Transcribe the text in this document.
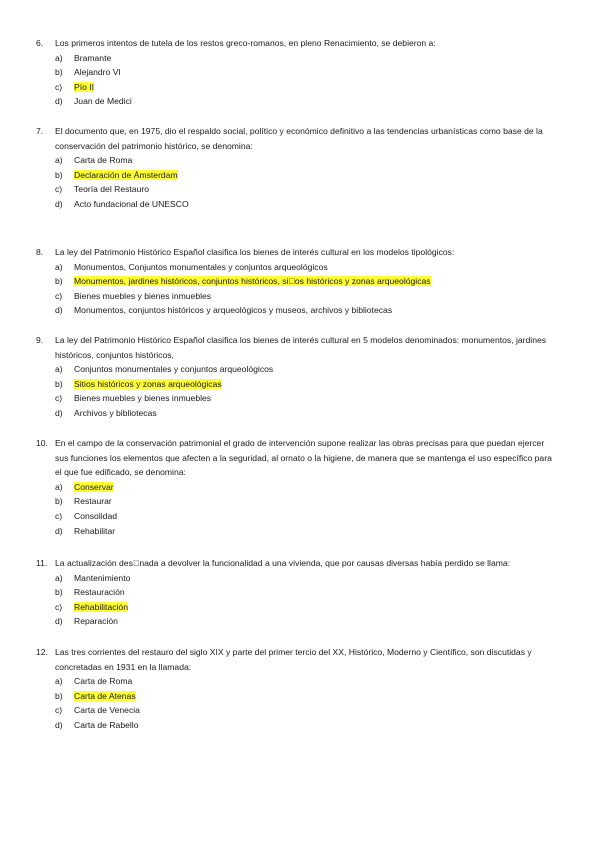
6.	Los primeros intentos de tutela de los restos greco-romanos, en pleno Renacimiento, se debieron a:
a)	Bramante
b)	Alejandro VI
c)	Pío II
d)	Juan de Medici
7.	El documento que, en 1975, dio el respaldo social, político y económico definitivo a las tendencias urbanísticas como base de la conservación del patrimonio histórico, se denomina:
a)	Carta de Roma
b)	Declaración de Ámsterdam
c)	Teoría del Restauro
d)	Acto fundacional de UNESCO
8.	La ley del Patrimonio Histórico Español clasifica los bienes de interés cultural en los modelos tipológicos:
a)	Monumentos, Conjuntos monumentales y conjuntos arqueológicos
b)	Monumentos, jardines históricos, conjuntos históricos, si os históricos y zonas arqueológicas
c)	Bienes muebles y bienes inmuebles
d)	Monumentos, conjuntos históricos y arqueológicos y museos, archivos y bibliotecas
9.	La ley del Patrimonio Histórico Español clasifica los bienes de interés cultural en 5 modelos denominados: monumentos, jardines históricos, conjuntos históricos,
a)	Conjuntos monumentales y conjuntos arqueológicos
b)	Sitios históricos y zonas arqueológicas
c)	Bienes muebles y bienes inmuebles
d)	Archivos y bibliotecas
10. En el campo de la conservación patrimonial el grado de intervención supone realizar las obras precisas para que puedan ejercer sus funciones los elementos que afecten a la seguridad, al ornato o la higiene, de manera que se mantenga el uso específico para el que fue edificado, se denomina:
a)	Conservar
b)	Restaurar
c)	Consolidad
d)	Rehabilitar
11. La actualización des nada a devolver la funcionalidad a una vivienda, que por causas diversas había perdido se llama:
a)	Mantenimiento
b)	Restauración
c)	Rehabilitación
d)	Reparación
12. Las tres corrientes del restauro del siglo XIX y parte del primer tercio del XX, Histórico, Moderno y Científico, son discutidas y concretadas en 1931 en la llamada:
a)	Carta de Roma
b)	Carta de Atenas
c)	Carta de Venecia
d)	Carta de Rabello
